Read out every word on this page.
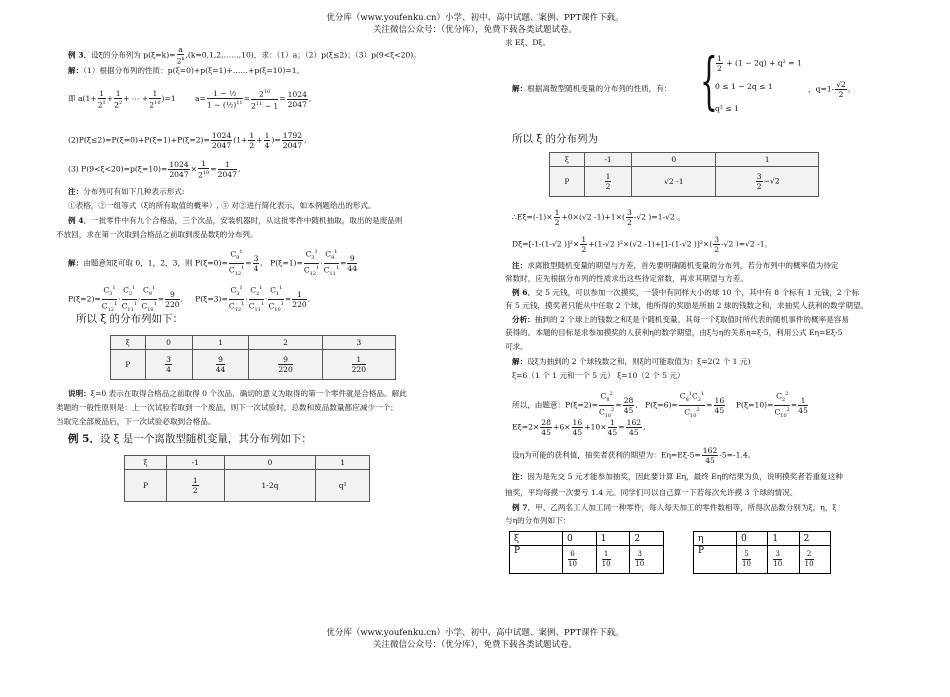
优分库（www.youfenku.cn）小学、初中、高中试题、案例、PPT课件下载。
关注微信公众号：（优分库），免费下载各类试题试卷。
例 3．设ξ的分布列为 $p(\xi=k)= \frac{a}{2^k}$ ,(k=0,1,2,……,10)，求：（1）a；（2）p(ξ≤2)；（3）p(9<ξ<20)。
解：（1）根据分布列的性质：p(ξ=0)+p(ξ=1)+……+p(ξ=10)=1。
即 $a(1+ \frac{1}{2^1} + \frac{1}{2^2}$ + ⋯ + $\frac{1}{2^{10}} )=1$	$a= \frac{\text{1 − ½}}{1 - (\frac{1}{2})^{11}} = \frac{2^{10}}{2^{11} - 1} = \frac{1024}{2047}$ ,
$(2)P(\xi\le 2)=P(\xi=0)+P(\xi=1)+P(\xi=2)= \frac{1024}{2047} (1+ \frac{1}{2} + \frac{1}{4}$ )= $\frac{1792}{2047}$ ,
(3) $P(9<\xi<20)=p(\xi=10)= \frac{1024}{2047} \times \frac{1}{2^{10}} = \frac{1}{2047}$ ,
注：分布列可有如下几种表示形式:
①表格，②一组等式（ξ的所有取值的概率）, ③ 对②进行简化表示，如本例题给出的形式。
例 4．一批零件中有九个合格品，三个次品，安装机器时，从这批零件中随机抽取，取出的是废品则
不放回，求在第一次取到合格品之前取到废品数ξ的分布列。
解：由题意知ξ可取 0，1，2，3，则 $P(\xi=0)= \frac{C_9^1}{C_{12}^1} = \frac{3}{4}$ ,   $P(\xi=1)= \frac{C_3^1}{C_{12}^1} \cdot \frac{C_9^1}{C_{11}^1} = \frac{9}{44}$
$P(\xi=2)= \frac{C_3^1}{C_{12}^1} \cdot \frac{C_2^1}{C_{11}^1} \cdot \frac{C_9^1}{C_{10}^1} = \frac{9}{220}$ ,     $P(\xi=3)= \frac{C_3^1}{C_{12}^1} \cdot \frac{C_2^1}{C_{11}^1} \cdot \frac{C_1^1}{C_{10}^1} = \frac{1}{220}$ .
所以 ξ 的分布列如下：
ξ	0	1	2	3
P	$\frac{3}{4}$	$\frac{9}{44}$	$\frac{9}{220}$	$\frac{1}{220}$
说明：ξ=0 表示在取得合格品之前取得 0 个次品，确切的意义为取得的第一个零件就是合格品。解此
类题的一般性原则是：上一次试验若取到一个废品，则下一次试验时，总数和废品数量都应减少一个；
当取完全部废品后，下一次试验必取到合格品。
例 5．设 ξ 是一个离散型随机变量，其分布列如下：
ξ	-1	0	1
P	$\frac{1}{2}$	1-2q	q²
求 Eξ、Dξ。
解：根据离散型随机变量的分布列的性质，有： {
$\frac{1}{2} + (1 - 2q) + q^2 = 1$
0 ≤ 1 − 2q ≤ 1
q² ≤ 1
，$q=1- \frac{√2}{2}$ 。
所以 ξ 的分布列为
ξ	-1	0	1
P	$\frac{1}{2}$	√2 -1	$\frac{3}{2} -√2$
∴Eξ=(-1)× $\frac{1}{2} +0\times(√2$ $-1)+1\times( \frac{3}{2} -√2$ )=1-√2 。
Dξ=[-1-(1-√2 )]$^2\times \frac{1}{2} +(1-√2$ )²×(√2 -1)+[1-(1-√2 )]$^2\times( \frac{3}{2} -√2$ )=√2 -1。
注：求离散型随机变量的期望与方差，首先要明确随机变量的分布列，若分布列中的概率值为待定
常数时，应先根据分布列的性质求出这些待定常数，再求其期望与方差。
例 6．交 5 元钱，可以参加一次摸奖，一袋中有同样大小的球 10 个，其中有 8 个标有 1 元钱，2 个标
有 5 元钱，摸奖者只能从中任取 2 个球，他所得的奖励是所抽 2 球的钱数之和，求抽奖人获利的数学期望。
分析：抽到的 2 个球上的钱数之和ξ是个随机变量，其每一个ξ取值时所代表的随机事件的概率是容易
获得的。本题的目标是求参加摸奖的人获利η的数学期望，由ξ与η的关系η=ξ-5，利用公式 Eη=Eξ-5
可求。
解：设ξ为抽到的 2 个球钱数之和，则ξ的可能取值为：ξ=2(2 个 1 元)
ξ=6（1 个 1 元和一个 5 元） ξ=10（2 个 5 元）
所以，由题意：$P(\xi=2)= \frac{C_8^2}{C_{10}^2} = \frac{28}{45}$ ,   $P(\xi=6)= \frac{C_8^1C_2^1}{C_{10}^2} = \frac{16}{45} P(\xi=10)= \frac{C_2^2}{C_{10}^2} = \frac{1}{45}$
$E\xi=2\times \frac{28}{45} +6\times \frac{16}{45} +10\times \frac{1}{45} = \frac{162}{45}$ ,
设η为可能的获利值，抽奖者获利的期望为：$E\eta=E\xi-5= \frac{162}{45} -5=-1.4$。
注：因为是先交 5 元才能参加抽奖，因此要计算 Eη，最终 Eη的结果为负，说明摸奖者若重复这种
抽奖，平均每摸一次要亏 1.4 元。同学们可以自己算一下若每次允许摸 3 个球的情况。
例 7．甲、乙两名工人加工同一种零件，每人每天加工的零件数相等，所得次品数分别为ξ，η，ξ
与η的分布列如下：
ξ	0	1	2
P	$\frac{6}{10}$	$\frac{1}{10}$	$\frac{3}{10}$
η	0	1	2
P	$\frac{5}{10}$	$\frac{3}{10}$	$\frac{2}{10}$
优分库（www.youfenku.cn）小学、初中、高中试题、案例、PPT课件下载。
关注微信公众号：（优分库），免费下载各类试题试卷。
